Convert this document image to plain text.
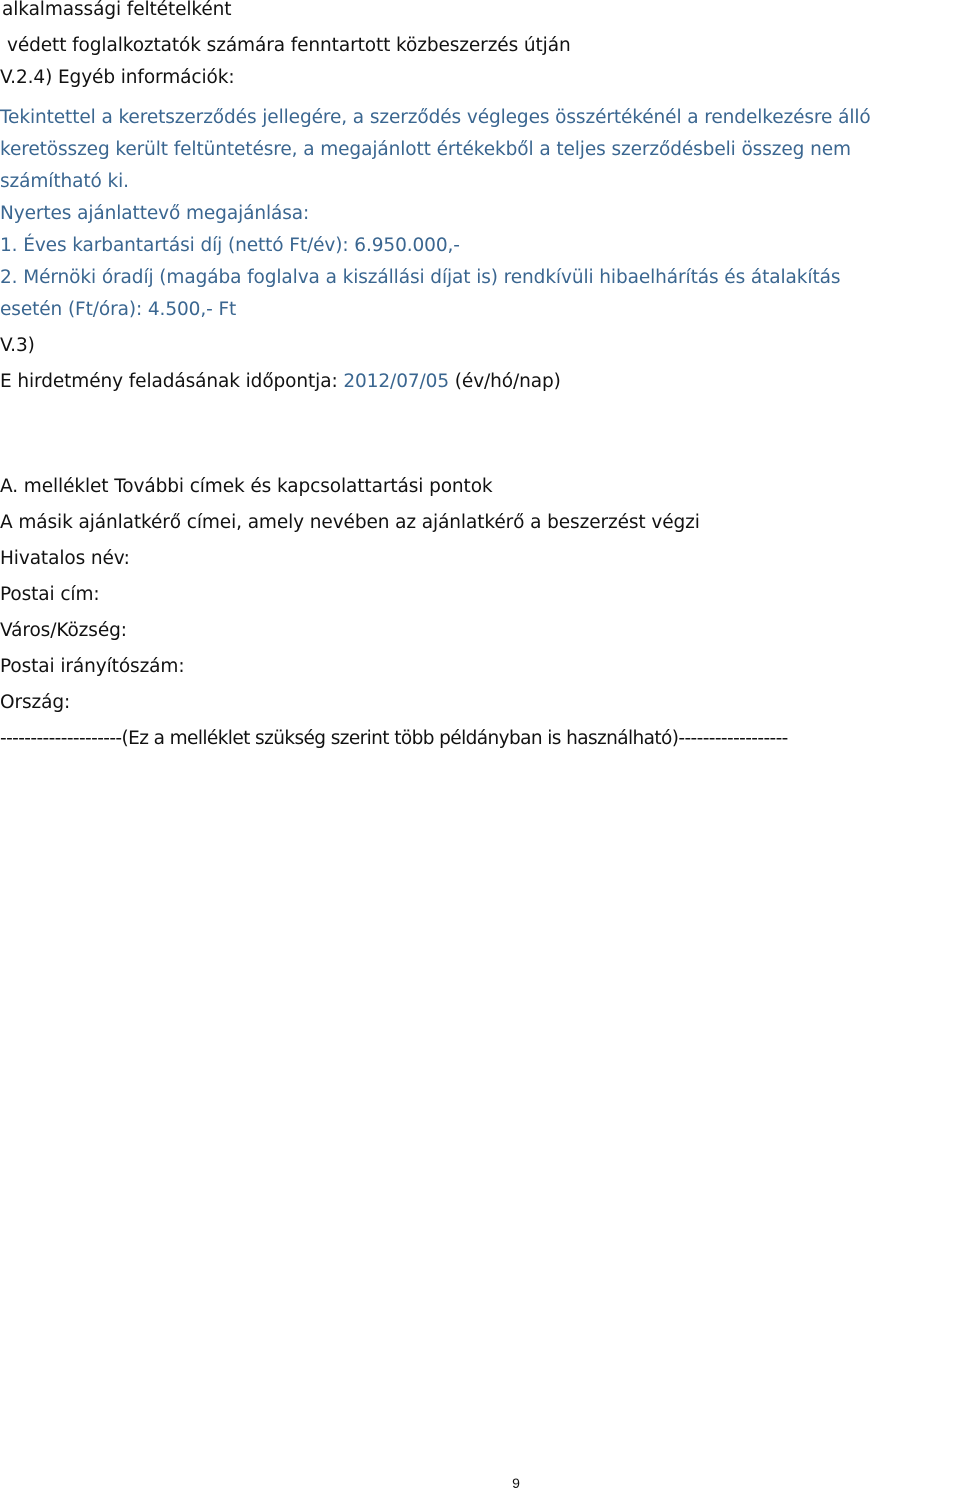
alkalmassági feltételként
védett foglalkoztatók számára fenntartott közbeszerzés útján
V.2.4) Egyéb információk:
Tekintettel a keretszerződés jellegére, a szerződés végleges összértékénél a rendelkezésre álló
keretösszeg került feltüntetésre, a megajánlott értékekből a teljes szerződésbeli összeg nem
számítható ki.
Nyertes ajánlattevő megajánlása:
1. Éves karbantartási díj (nettó Ft/év): 6.950.000,-
2. Mérnöki óradíj (magába foglalva a kiszállási díjat is) rendkívüli hibaelhárítás és átalakítás
esetén (Ft/óra): 4.500,- Ft
V.3)
E hirdetmény feladásának időpontja: 2012/07/05 (év/hó/nap)
A. melléklet További címek és kapcsolattartási pontok
A másik ajánlatkérő címei, amely nevében az ajánlatkérő a beszerzést végzi
Hivatalos név:
Postai cím:
Város/Község:
Postai irányítószám:
Ország:
--------------------(Ez a melléklet szükség szerint több példányban is használható)------------------
9
